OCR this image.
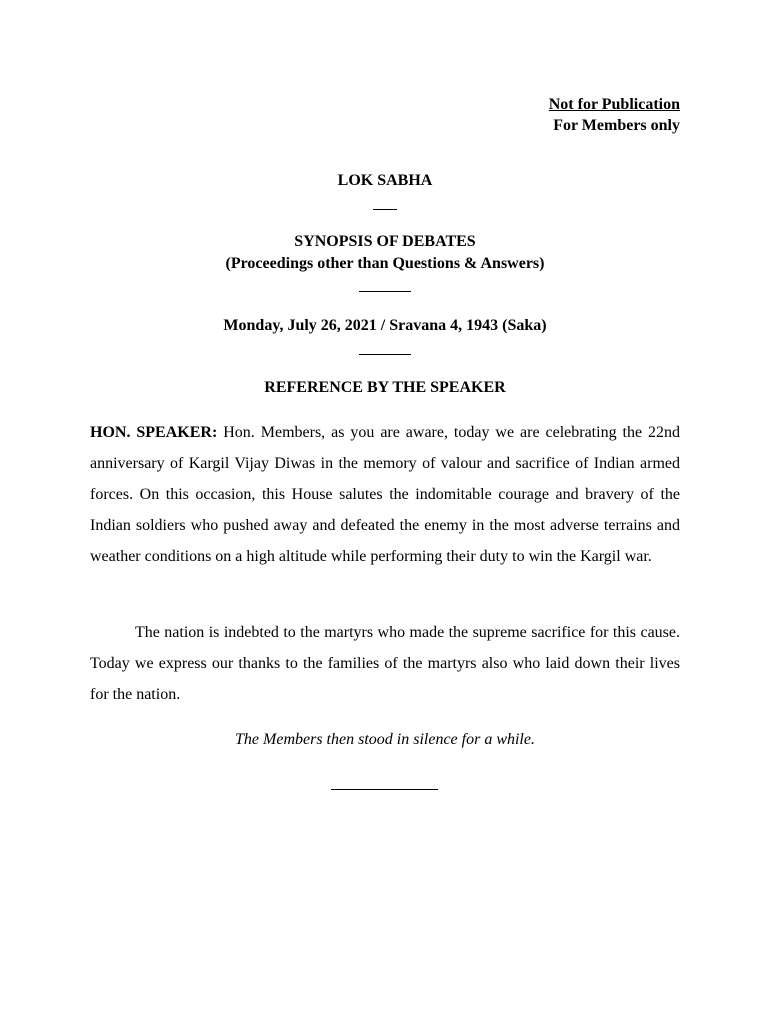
Not for Publication
For Members only
LOK SABHA
SYNOPSIS OF DEBATES
(Proceedings other than Questions & Answers)
Monday, July 26, 2021 / Sravana 4, 1943 (Saka)
REFERENCE BY THE SPEAKER

HON. SPEAKER: Hon. Members, as you are aware, today we are celebrating the 22nd anniversary of Kargil Vijay Diwas in the memory of valour and sacrifice of Indian armed forces. On this occasion, this House salutes the indomitable courage and bravery of the Indian soldiers who pushed away and defeated the enemy in the most adverse terrains and weather conditions on a high altitude while performing their duty to win the Kargil war.

The nation is indebted to the martyrs who made the supreme sacrifice for this cause. Today we express our thanks to the families of the martyrs also who laid down their lives for the nation.

The Members then stood in silence for a while.
